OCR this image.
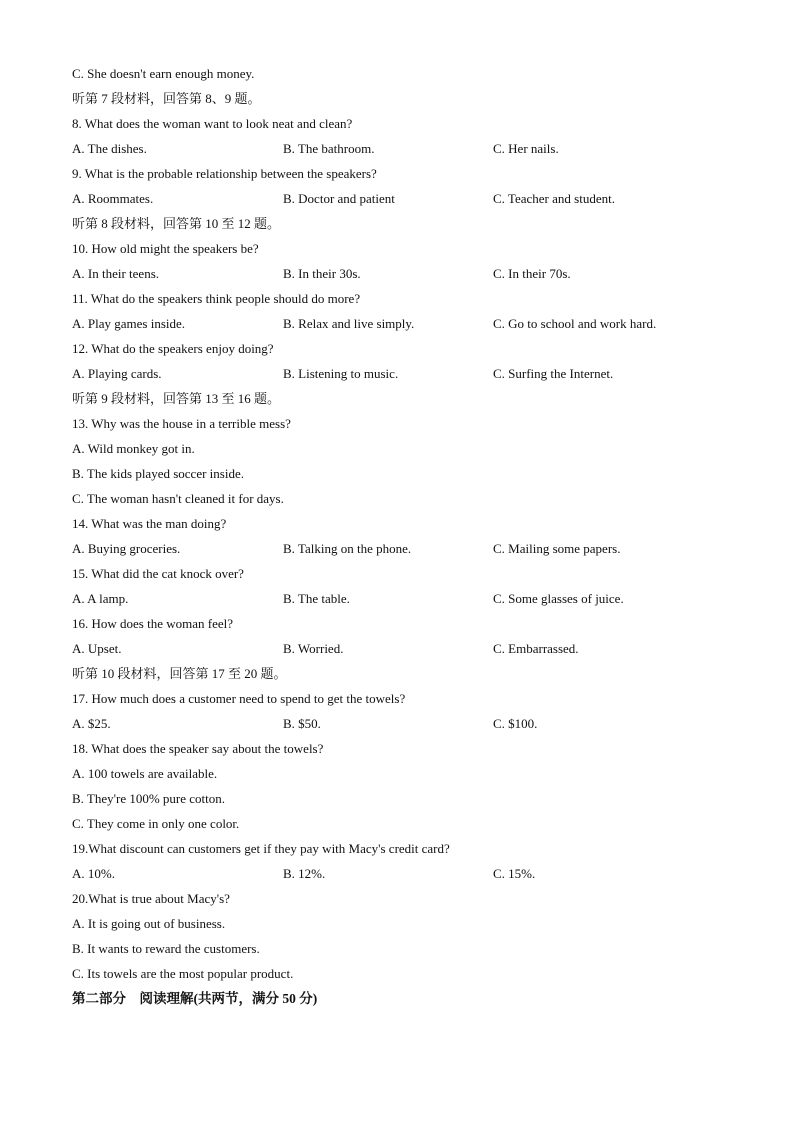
C. She doesn't earn enough money.
听第 7 段材料，回答第 8、9 题。
8. What does the woman want to look neat and clean?
A. The dishes.	B. The bathroom.	C. Her nails.
9. What is the probable relationship between the speakers?
A. Roommates.	B. Doctor and patient	C. Teacher and student.
听第 8 段材料，回答第 10 至 12 题。
10. How old might the speakers be?
A. In their teens.	B. In their 30s.	C. In their 70s.
11. What do the speakers think people should do more?
A. Play games inside.	B. Relax and live simply.	C. Go to school and work hard.
12. What do the speakers enjoy doing?
A. Playing cards.	B. Listening to music.	C. Surfing the Internet.
听第 9 段材料，回答第 13 至 16 题。
13. Why was the house in a terrible mess?
A. Wild monkey got in.
B. The kids played soccer inside.
C. The woman hasn't cleaned it for days.
14. What was the man doing?
A. Buying groceries.	B. Talking on the phone.	C. Mailing some papers.
15. What did the cat knock over?
A. A lamp.	B. The table.	C. Some glasses of juice.
16. How does the woman feel?
A. Upset.	B. Worried.	C. Embarrassed.
听第 10 段材料，回答第 17 至 20 题。
17. How much does a customer need to spend to get the towels?
A. $25.	B. $50.	C. $100.
18. What does the speaker say about the towels?
A. 100 towels are available.
B. They're 100% pure cotton.
C. They come in only one color.
19.What discount can customers get if they pay with Macy's credit card?
A. 10%.	B. 12%.	C. 15%.
20.What is true about Macy's?
A. It is going out of business.
B. It wants to reward the customers.
C. Its towels are the most popular product.
第二部分　阅读理解(共两节，满分 50 分)
